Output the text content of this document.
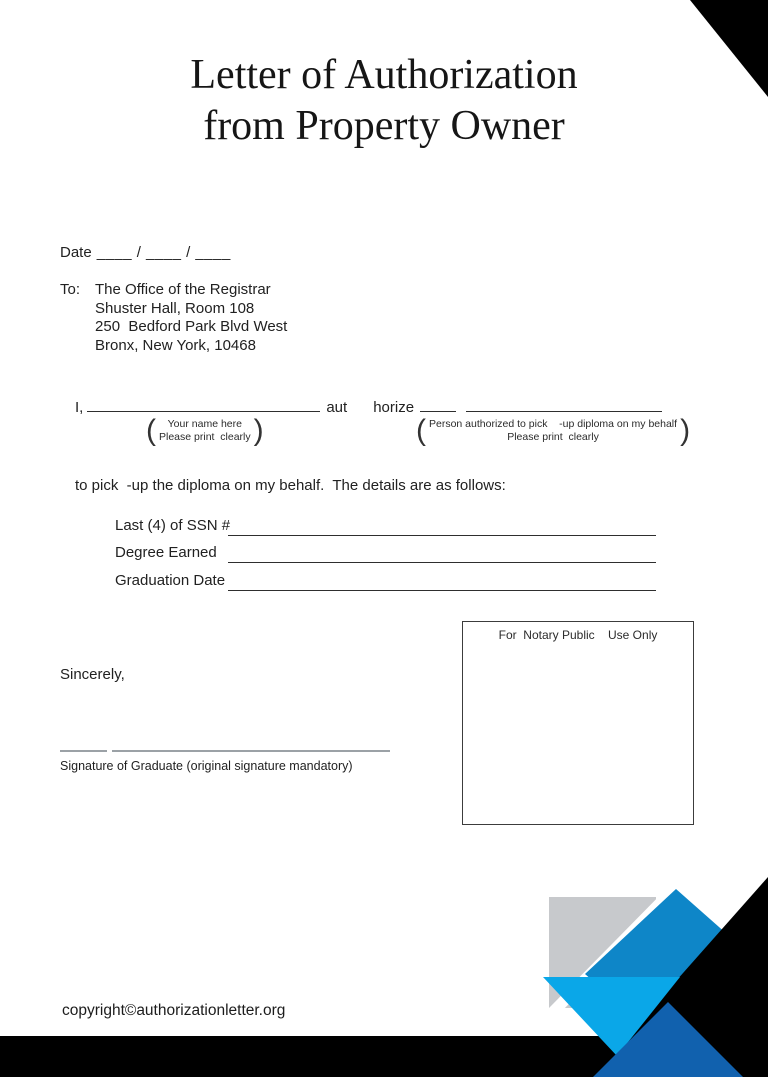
Letter of Authorization
from Property Owner
Date ____ / ____ / ____
To: The Office of the Registrar
Shuster Hall, Room 108
250  Bedford Park Blvd West
Bronx, New York, 10468
I,	aut horize
(	Your name here
Please print  clearly )	( Person authorized to pick    -up diploma on my behalf
Please print  clearly	)
to pick  -up the diploma on my behalf.  The details are as follows:
Last (4) of SSN #
Degree Earned
Graduation Date
For  Notary Public    Use Only
Sincerely,
Signature of Graduate (original signature mandatory)
copyright©authorizationletter.org
